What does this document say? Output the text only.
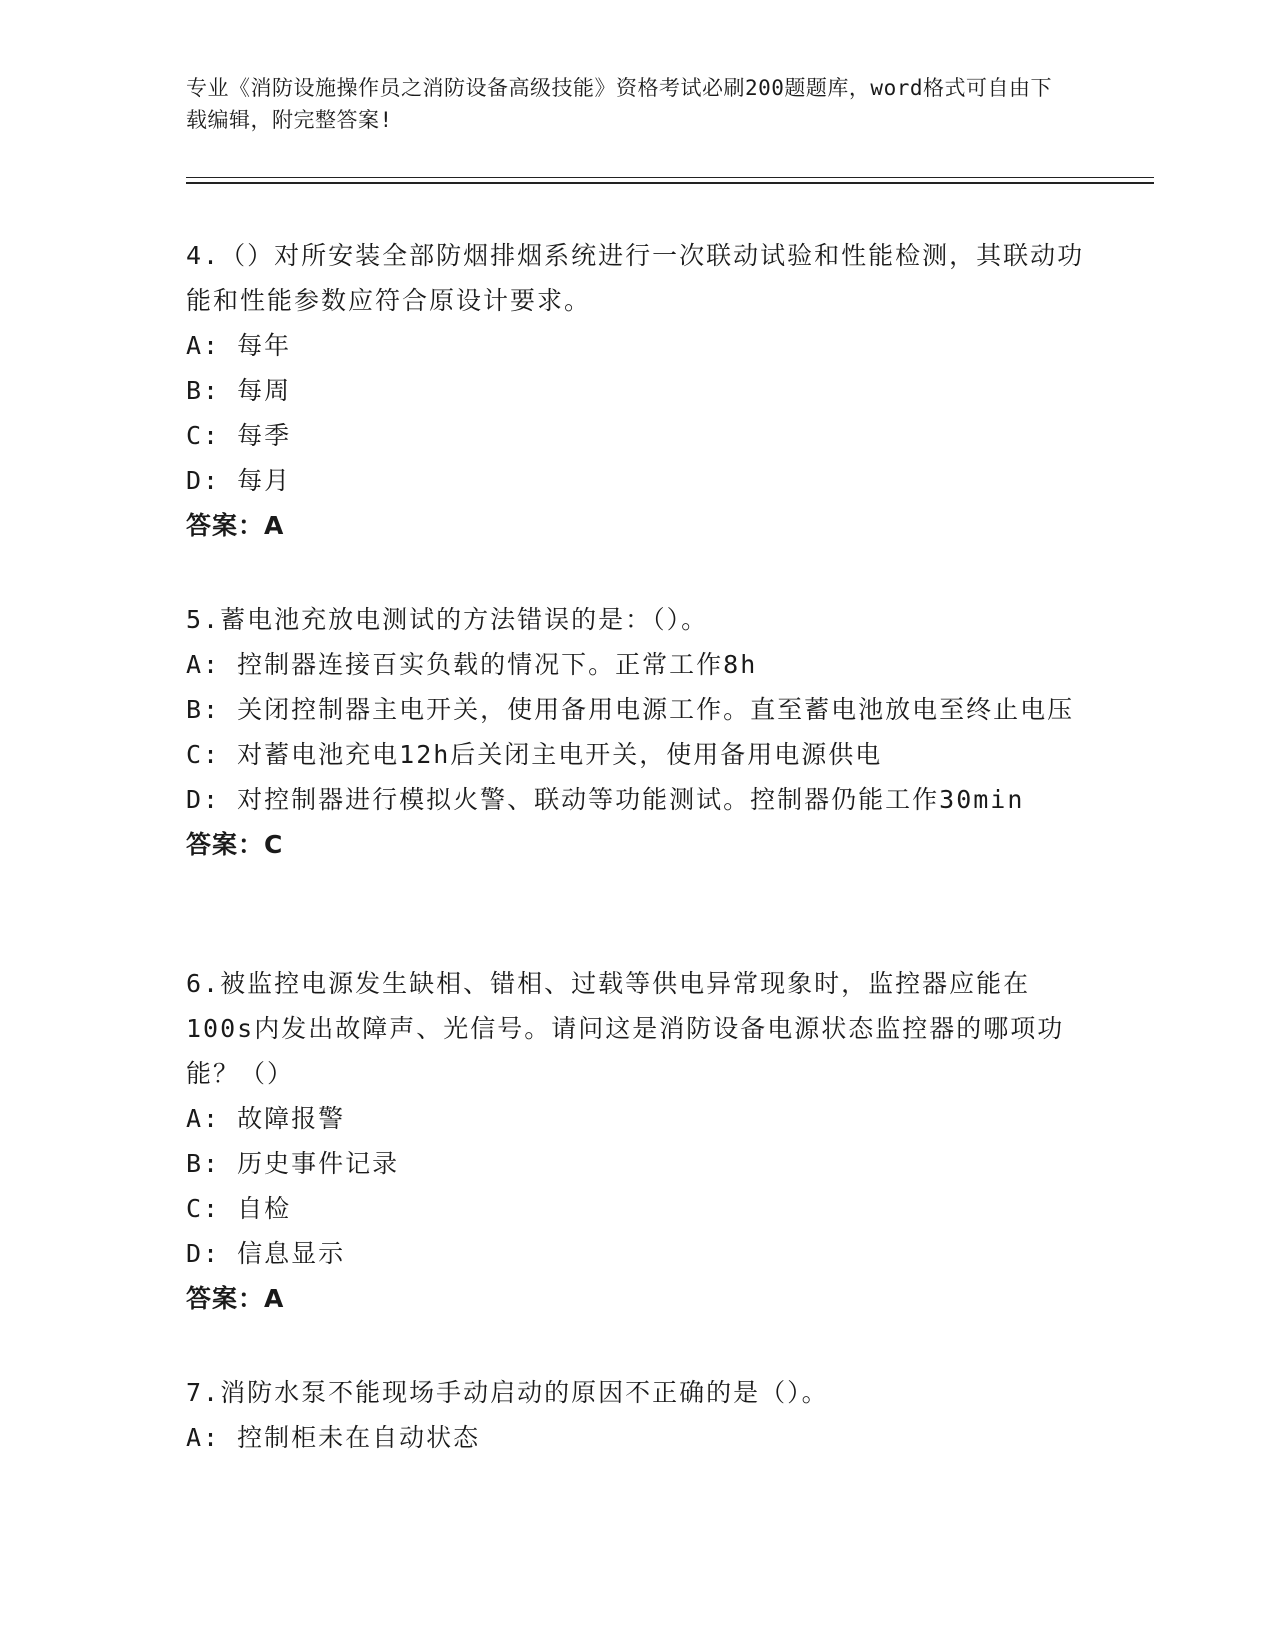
专业《消防设施操作员之消防设备高级技能》资格考试必刷200题题库，word格式可自由下载编辑，附完整答案!
4.（）对所安装全部防烟排烟系统进行一次联动试验和性能检测，其联动功能和性能参数应符合原设计要求。
A: 每年
B: 每周
C: 每季
D: 每月
答案：A
5.蓄电池充放电测试的方法错误的是：（）。
A: 控制器连接百实负载的情况下。正常工作8h
B: 关闭控制器主电开关，使用备用电源工作。直至蓄电池放电至终止电压
C: 对蓄电池充电12h后关闭主电开关，使用备用电源供电
D: 对控制器进行模拟火警、联动等功能测试。控制器仍能工作30min
答案：C
6.被监控电源发生缺相、错相、过载等供电异常现象时，监控器应能在100s内发出故障声、光信号。请问这是消防设备电源状态监控器的哪项功能？（）
A: 故障报警
B: 历史事件记录
C: 自检
D: 信息显示
答案：A
7.消防水泵不能现场手动启动的原因不正确的是（）。
A: 控制柜未在自动状态
